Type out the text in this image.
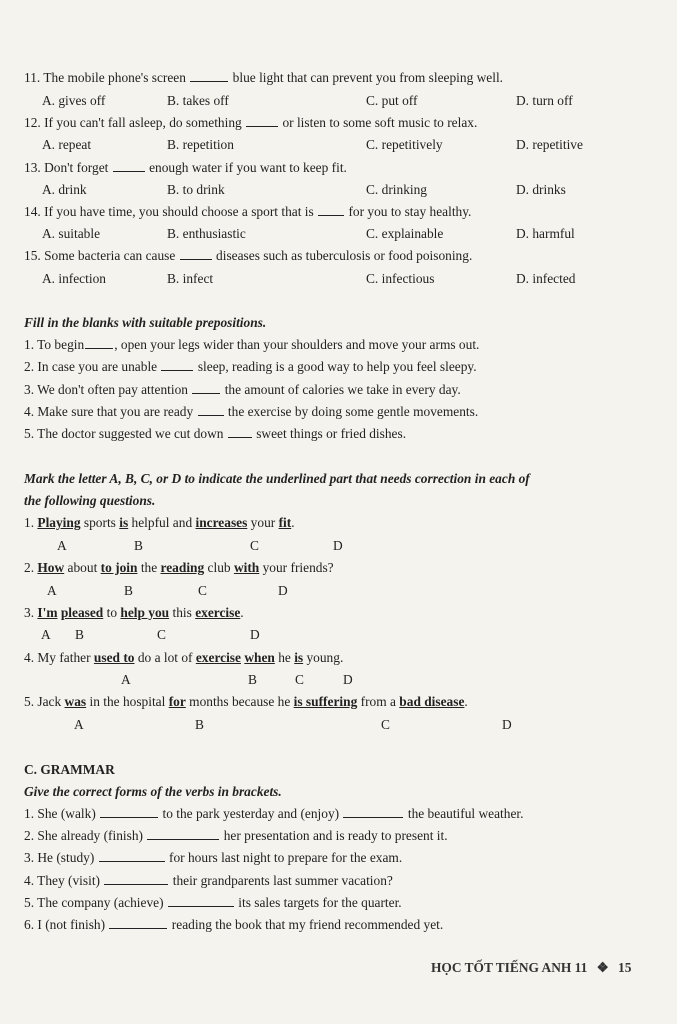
11. The mobile phone's screen	blue light that can prevent you from sleeping well.
A. gives off	B. takes off	C. put off	D. turn off
12. If you can't fall asleep, do something	or listen to some soft music to relax.
A. repeat	B. repetition	C. repetitively	D. repetitive
13. Don't forget	enough water if you want to keep fit.
A. drink	B. to drink	C. drinking	D. drinks
14. If you have time, you should choose a sport that is	for you to stay healthy.
A. suitable	B. enthusiastic	C. explainable	D. harmful
15. Some bacteria can cause	diseases such as tuberculosis or food poisoning.
A. infection	B. infect	C. infectious	D. infected
Fill in the blanks with suitable prepositions.
1. To begin , open your legs wider than your shoulders and move your arms out.
2. In case you are unable	sleep, reading is a good way to help you feel sleepy.
3. We don't often pay attention	the amount of calories we take in every day.
4. Make sure that you are ready	the exercise by doing some gentle movements.
5. The doctor suggested we cut down sweet things or fried dishes.
Mark the letter A, B, C, or D to indicate the underlined part that needs correction in each of
the following questions.
1. Playing sports is helpful and increases your fit.
A	B	C	D
2. How about to join the reading club with your friends?
A	B	C	D
3. I'm pleased to help you this exercise.
A B	C	D
4. My father used to do a lot of exercise when he is young.
A	B	C	D
5. Jack was in the hospital for months because he is suffering from a bad disease.
A	B	C	D
C. GRAMMAR
Give the correct forms of the verbs in brackets.
1. She (walk)	to the park yesterday and (enjoy)	the beautiful weather.
2. She already (finish)	her presentation and is ready to present it.
3. He (study)	for hours last night to prepare for the exam.
4. They (visit)	their grandparents last summer vacation?
5. The company (achieve)	its sales targets for the quarter.
6. I (not finish)	reading the book that my friend recommended yet.
HỌC TỐT TIẾNG ANH 11 ❖ 15
